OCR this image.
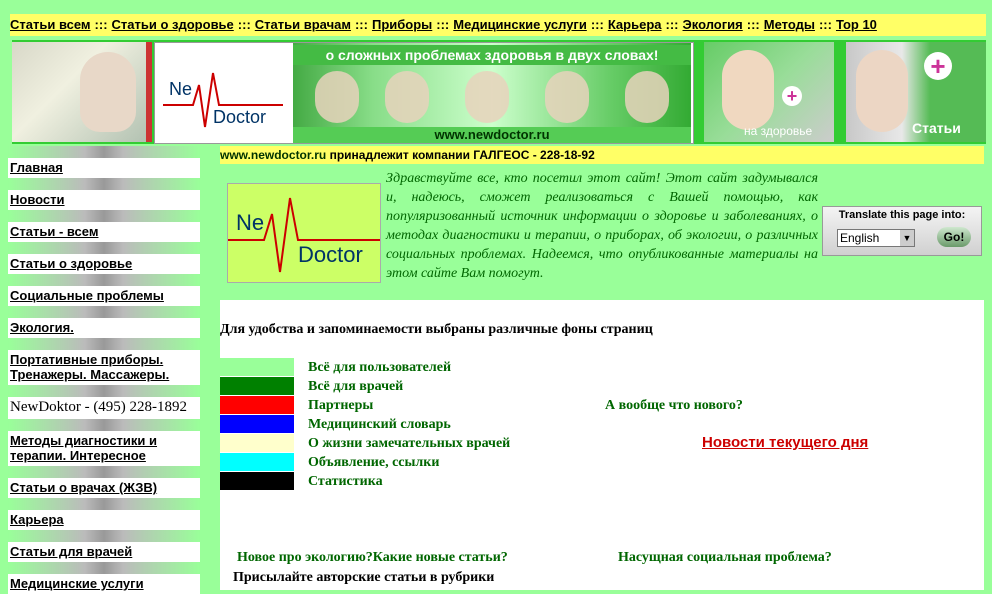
Статьи всем ::: Статьи о здоровье ::: Статьи врачам ::: Приборы ::: Медицинские услуги ::: Карьера ::: Экология ::: Методы ::: Top 10
Ne
Doctor
о сложных проблемах здоровья в двух словах!
www.newdoctor.ru
+
на здоровье
+
Статьи
Главная
Новости
Статьи - всем
Статьи о здоровье
Социальные проблемы
Экология.
Портативные приборы. Тренажеры. Массажеры.
NewDoktor - (495) 228-1892
Методы диагностики и терапии. Интересное
Статьи о врачах (ЖЗВ)
Карьера
Статьи для врачей
Медицинские услуги
www.newdoctor.ru принадлежит компании ГАЛГЕОС - 228-18-92
Ne
Doctor
Здравствуйте все, кто посетил этот сайт! Этот сайт задумывался и, надеюсь, сможет реализоваться с Вашей помощью, как популяризованный источник информации о здоровье и заболеваниях, о методах диагностики и терапии, о приборах, об экологии, о различных социальных проблемах. Надеемся, что опубликованные материалы на этом сайте Вам помогут.
Translate this page into:
English	▼	Go!
Для удобства и запоминаемости выбраны различные фоны страниц
Всё для пользователей
Всё для врачей
Партнеры
Медицинский словарь
О жизни замечательных врачей
Объявление, ссылки
Статистика
А вообще что нового?
Новости текущего дня
Новое про экологию?Какие новые статьи?
Присылайте авторские статьи в рубрики
Насущная социальная проблема?
